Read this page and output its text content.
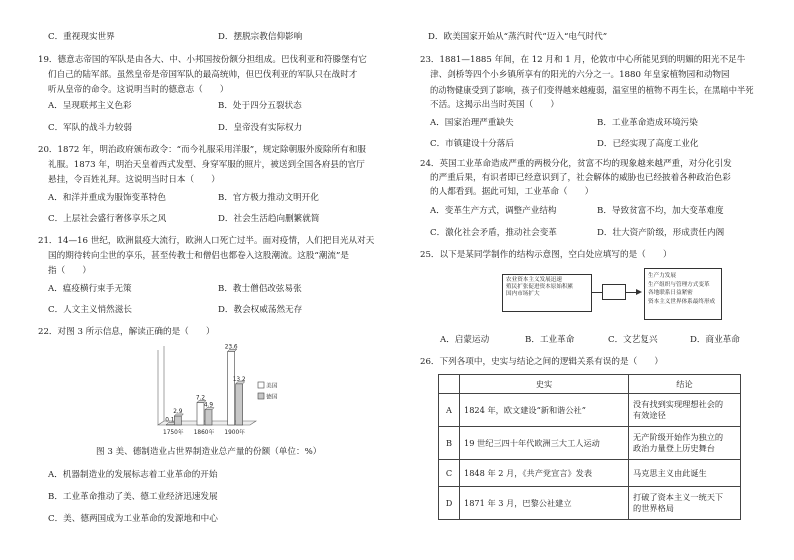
C．重视现实世界	D．摆脱宗教信仰影响
19．德意志帝国的军队是由各大、中、小邦国按份额分担组成。巴伐利亚和符滕堡有它
们自己的陆军部。虽然皇帝是帝国军队的最高统帅，但巴伐利亚的军队只在战时才
听从皇帝的命令。这说明当时的德意志（　　）
A．呈现联邦主义色彩	B．处于四分五裂状态
C．军队的战斗力较弱	D．皇帝没有实际权力
20．1872 年，明治政府颁布政令：“而今礼服采用洋服”，规定除朝服外废除所有和服
礼服。1873 年，明治天皇着西式发型、身穿军服的照片，被送到全国各府县的官厅
悬挂，令百姓礼拜。这说明当时日本（　　）
A．和洋并重成为服饰变革特色	B．官方极力推动文明开化
C．上层社会盛行奢侈享乐之风	D．社会生活趋向删繁就简
21．14—16 世纪，欧洲鼠疫大流行，欧洲人口死亡过半。面对疫情，人们把目光从对天
国的期待转向尘世的享乐，甚至传教士和僧侣也都卷入这股潮流。这股“潮流”是
指（　　）
A．瘟疫横行束手无策	B．教士僧侣改弦易张
C．人文主义悄然滋长	D．教会权威荡然无存
22．对图 3 所示信息，解读正确的是（　　）
0.1
2.9
1750年
7.2
4.9
1860年
23.6
13.2
1900年
美国
德国
图 3 美、德制造业占世界制造业总产量的份额（单位：%）
A．机器制造业的发展标志着工业革命的开始
B．工业革命推动了美、德工业经济迅速发展
C．美、德两国成为工业革命的发源地和中心
D．欧美国家开始从“蒸汽时代”迈入“电气时代”
23．1881—1885 年间，在 12 月和 1 月，伦敦市中心所能见到的明媚的阳光不足牛
津、剑桥等四个小乡镇所享有的阳光的六分之一。1880 年皇家植物园和动物园
的动物健康受到了影响，孩子们变得越来越瘦弱，温室里的植物不再生长，在黑暗中半死
不活。这揭示出当时英国（　　）
A．国家治理严重缺失	B．工业革命造成环境污染
C．市镇建设十分落后	D．已经实现了高度工业化
24．英国工业革命造成严重的两极分化，贫富不均的现象越来越严重，对分化引发
的严重后果，有识者即已经意识到了，社会解体的威胁也已经披着各种政治色彩
的人都看到。据此可知，工业革命（　　）
A．变革生产方式，调整产业结构	B．导致贫富不均，加大变革难度
C．激化社会矛盾，推动社会变革	D．壮大资产阶级，形成责任内阁
25．以下是某同学制作的结构示意图，空白处应填写的是（　　）
农业资本主义发展迅速
殖民扩张促进资本原始积累
国内市场扩大
生产力发展
生产组织与管理方式变革
各地联系日益紧密
资本主义世界体系最终形成
A．启蒙运动	B．工业革命	C．文艺复兴	D．商业革命
26．下列各项中，史实与结论之间的逻辑关系有误的是（　　）
	史实	结论
A	1824 年，欧文建设“新和谐公社”	没有找到实现理想社会的
有效途径

B	19 世纪三四十年代欧洲三大工人运动	无产阶级开始作为独立的
政治力量登上历史舞台

C	1848 年 2 月，《共产党宣言》发表	马克思主义由此诞生

D	1871 年 3 月，巴黎公社建立	打破了资本主义一统天下
的世界格局
